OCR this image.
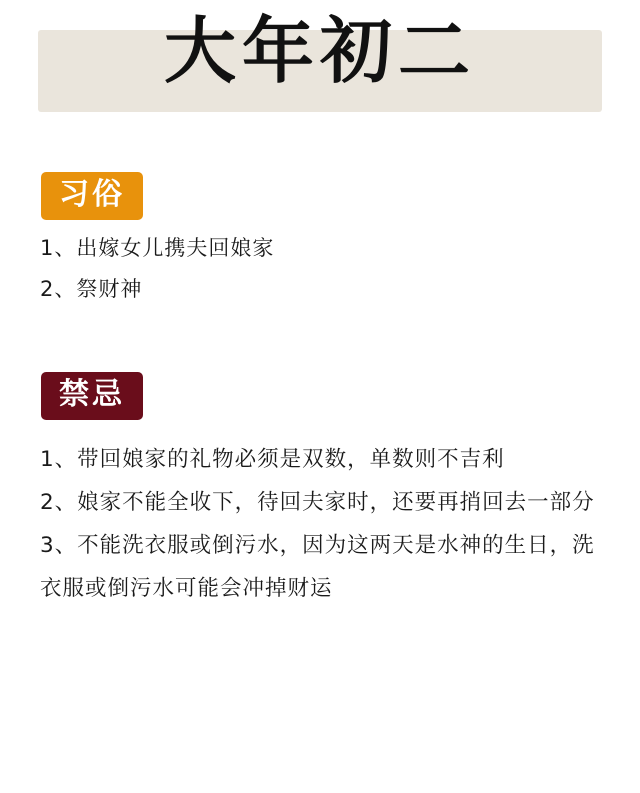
大年初二
习俗
1、出嫁女儿携夫回娘家
2、祭财神
禁忌
1、带回娘家的礼物必须是双数，单数则不吉利
2、娘家不能全收下，待回夫家时，还要再捎回去一部分
3、不能洗衣服或倒污水，因为这两天是水神的生日，洗衣服或倒污水可能会冲掉财运
